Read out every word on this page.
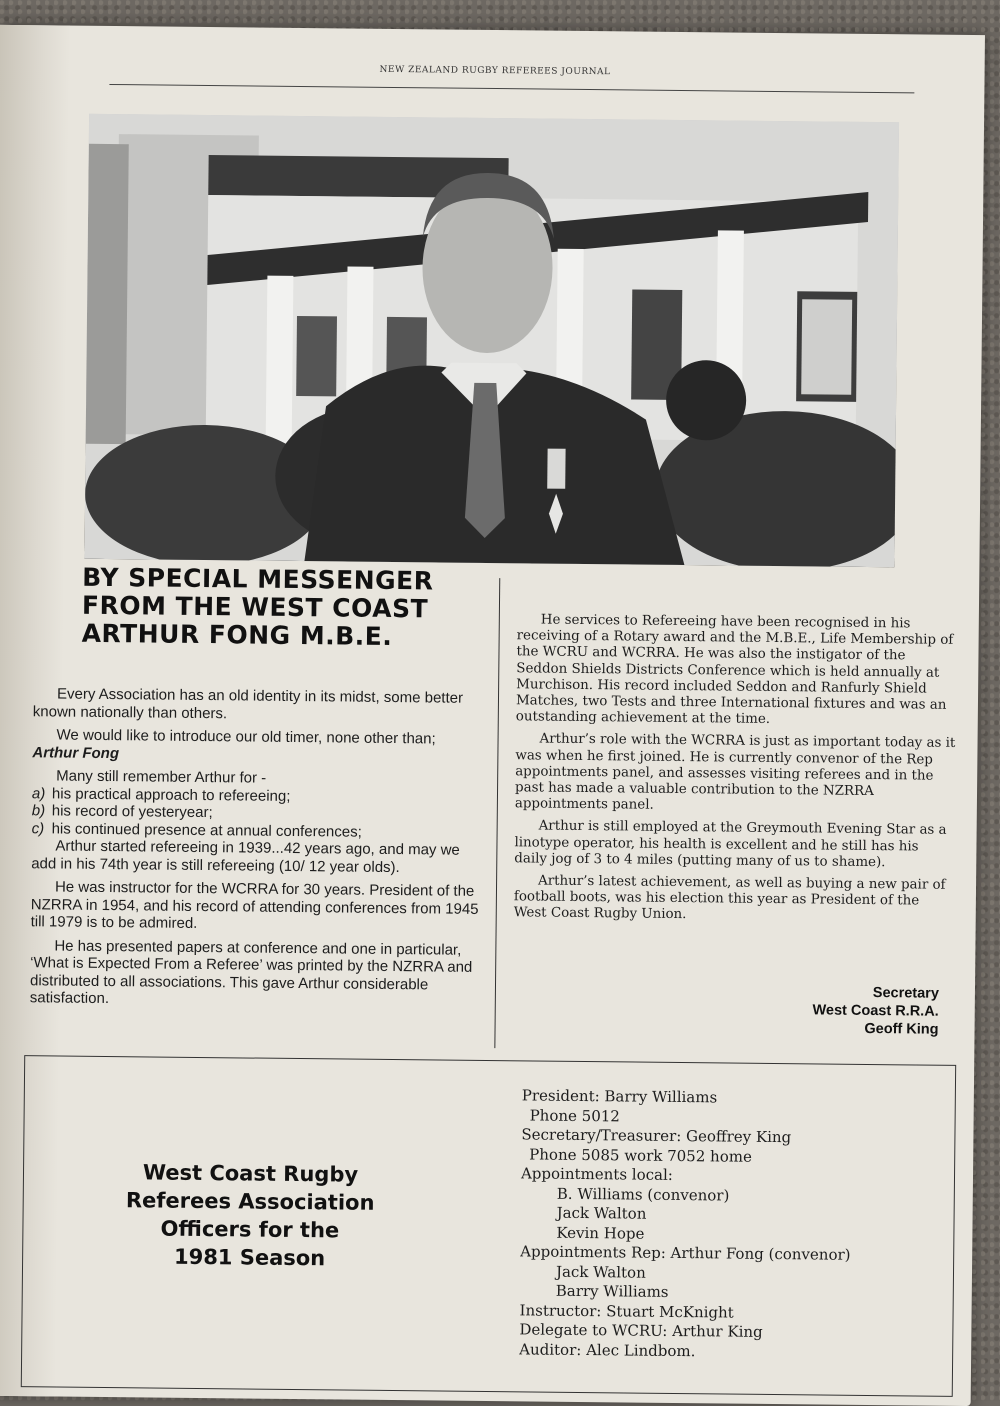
NEW ZEALAND RUGBY REFEREES JOURNAL
BY SPECIAL MESSENGER
FROM THE WEST COAST
ARTHUR FONG M.B.E.

Every Association has an old identity in its midst, some better known nationally than others.

We would like to introduce our old timer, none other than; Arthur Fong

Many still remember Arthur for -

a) his practical approach to refereeing;
b) his record of yesteryear;
c) his continued presence at annual conferences;

Arthur started refereeing in 1939...42 years ago, and may we add in his 74th year is still refereeing (10/ 12 year olds).

He was instructor for the WCRRA for 30 years. President of the NZRRA in 1954, and his record of attending conferences from 1945 till 1979 is to be admired.

He has presented papers at conference and one in particular, ‘What is Expected From a Referee’ was printed by the NZRRA and distributed to all associations. This gave Arthur considerable satisfaction.

He services to Refereeing have been recognised in his receiving of a Rotary award and the M.B.E., Life Membership of the WCRU and WCRRA. He was also the instigator of the Seddon Shields Districts Conference which is held annually at Murchison. His record included Seddon and Ranfurly Shield Matches, two Tests and three International fixtures and was an outstanding achievement at the time.

Arthur’s role with the WCRRA is just as important today as it was when he first joined. He is currently convenor of the Rep appointments panel, and assesses visiting referees and in the past has made a valuable contribution to the NZRRA appointments panel.

Arthur is still employed at the Greymouth Evening Star as a linotype operator, his health is excellent and he still has his daily jog of 3 to 4 miles (putting many of us to shame).

Arthur’s latest achievement, as well as buying a new pair of football boots, was his election this year as President of the West Coast Rugby Union.

Secretary
West Coast R.R.A.
Geoff King
West Coast Rugby
Referees Association
Officers for the
1981 Season
President: Barry Williams
Phone 5012
Secretary/Treasurer: Geoffrey King
Phone 5085 work 7052 home
Appointments local:
B. Williams (convenor)
Jack Walton
Kevin Hope
Appointments Rep: Arthur Fong (convenor)
Jack Walton
Barry Williams
Instructor: Stuart McKnight
Delegate to WCRU: Arthur King
Auditor: Alec Lindbom.
